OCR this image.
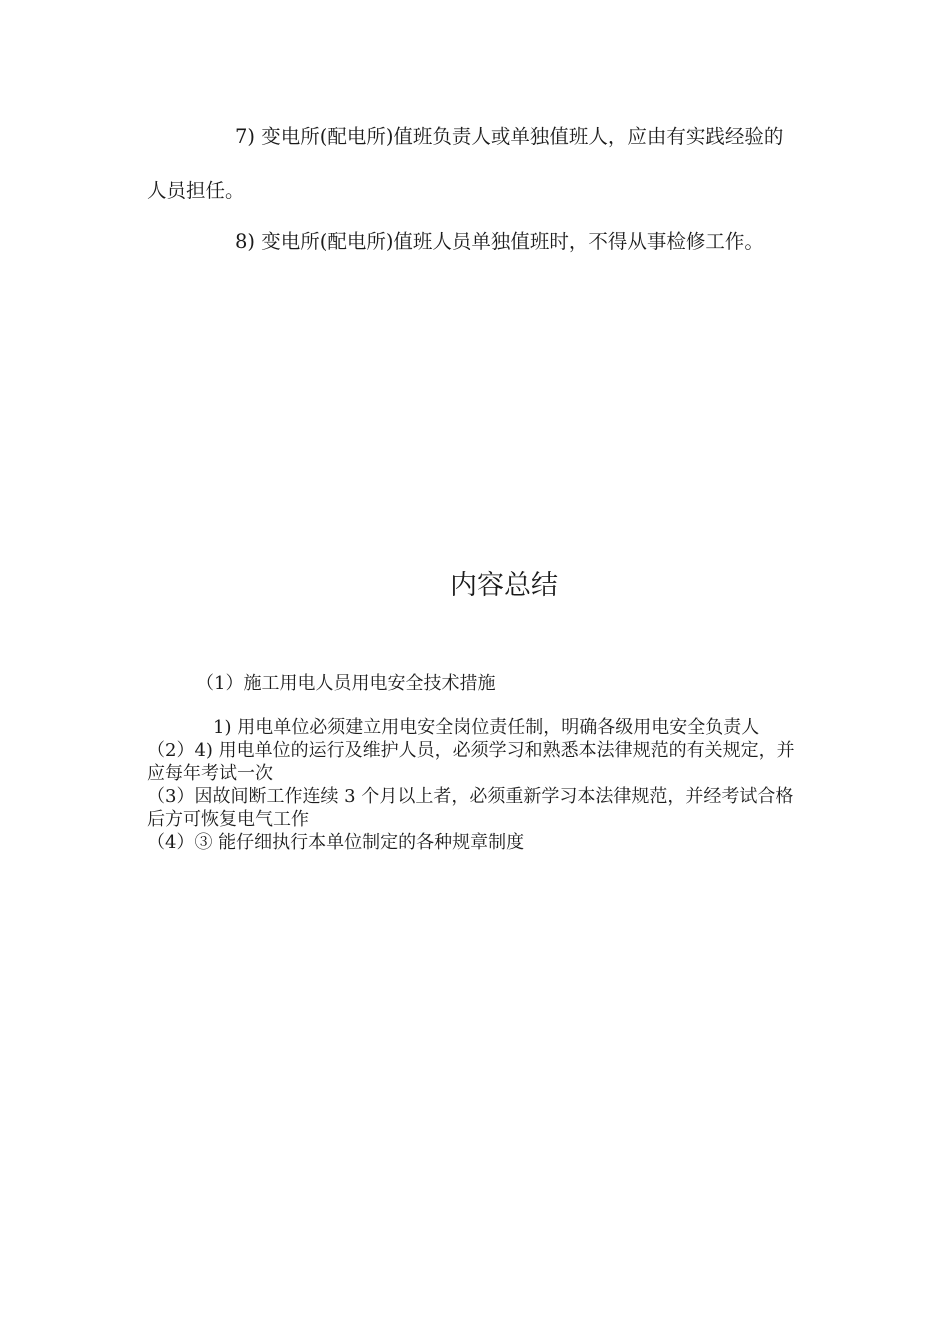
7) 变电所(配电所)值班负责人或单独值班人，应由有实践经验的人员担任。

8) 变电所(配电所)值班人员单独值班时，不得从事检修工作。

内容总结

（1）施工用电人员用电安全技术措施

1) 用电单位必须建立用电安全岗位责任制，明确各级用电安全负责人

（2）4) 用电单位的运行及维护人员，必须学习和熟悉本法律规范的有关规定，并应每年考试一次

（3）因故间断工作连续 3 个月以上者，必须重新学习本法律规范，并经考试合格后方可恢复电气工作

（4）③ 能仔细执行本单位制定的各种规章制度
